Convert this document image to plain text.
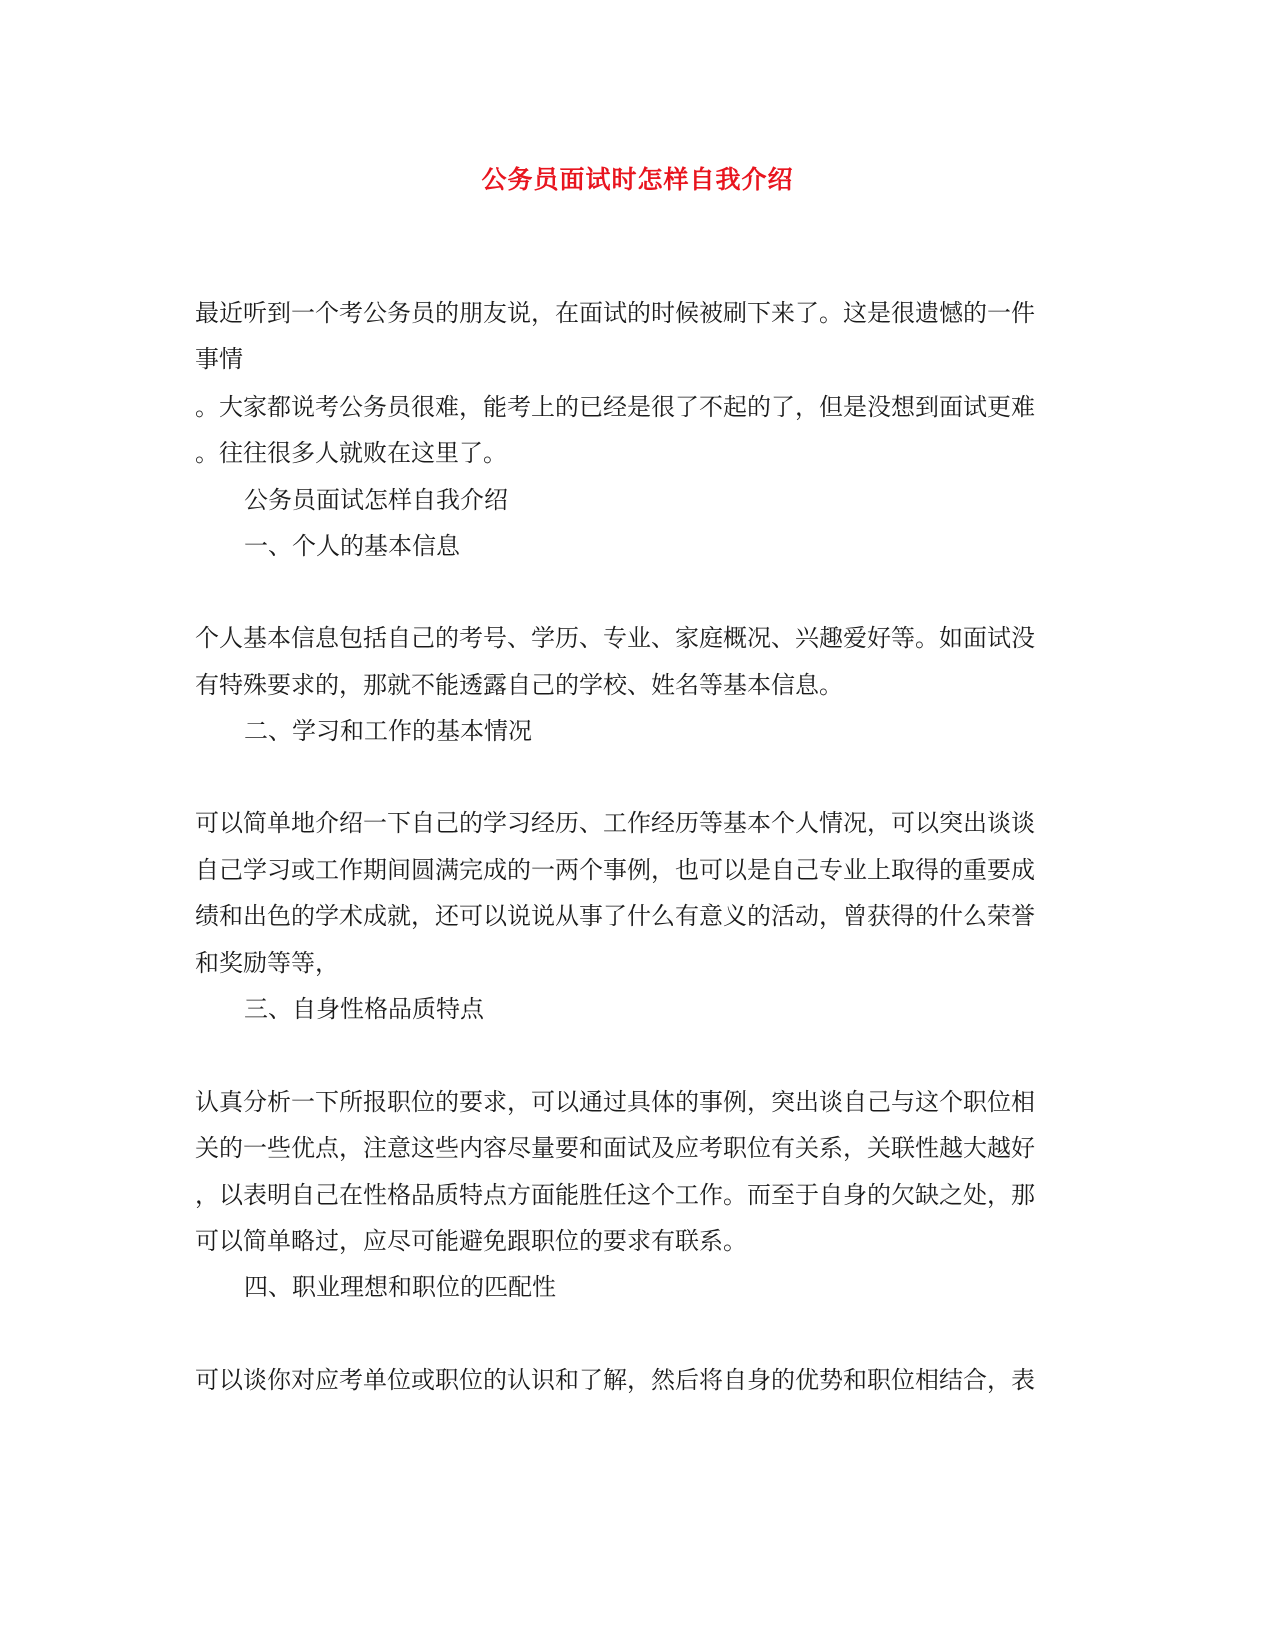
公务员面试时怎样自我介绍
最近听到一个考公务员的朋友说，在面试的时候被刷下来了。这是很遗憾的一件
事情
。大家都说考公务员很难，能考上的已经是很了不起的了，但是没想到面试更难
。往往很多人就败在这里了。
公务员面试怎样自我介绍
一、个人的基本信息
个人基本信息包括自己的考号、学历、专业、家庭概况、兴趣爱好等。如面试没
有特殊要求的，那就不能透露自己的学校、姓名等基本信息。
二、学习和工作的基本情况
可以简单地介绍一下自己的学习经历、工作经历等基本个人情况，可以突出谈谈
自己学习或工作期间圆满完成的一两个事例，也可以是自己专业上取得的重要成
绩和出色的学术成就，还可以说说从事了什么有意义的活动，曾获得的什么荣誉
和奖励等等，
三、自身性格品质特点
认真分析一下所报职位的要求，可以通过具体的事例，突出谈自己与这个职位相
关的一些优点，注意这些内容尽量要和面试及应考职位有关系，关联性越大越好
，以表明自己在性格品质特点方面能胜任这个工作。而至于自身的欠缺之处，那
可以简单略过，应尽可能避免跟职位的要求有联系。
四、职业理想和职位的匹配性
可以谈你对应考单位或职位的认识和了解，然后将自身的优势和职位相结合，表
